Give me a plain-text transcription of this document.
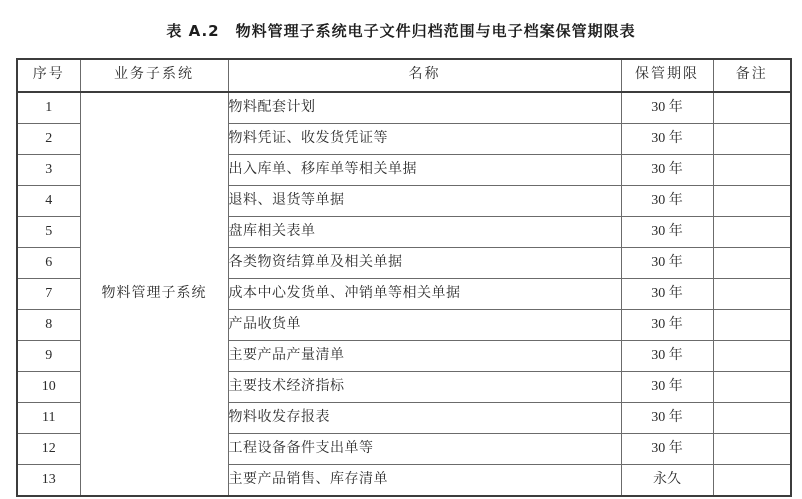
表 A.2　物料管理子系统电子文件归档范围与电子档案保管期限表
序号	业务子系统	名称	保管期限	备注
1	物料管理子系统	物料配套计划	30 年	
2		物料凭证、收发货凭证等	30 年	
3		出入库单、移库单等相关单据	30 年	
4		退料、退货等单据	30 年	
5		盘库相关表单	30 年	
6		各类物资结算单及相关单据	30 年	
7		成本中心发货单、冲销单等相关单据	30 年	
8		产品收货单	30 年	
9		主要产品产量清单	30 年	
10		主要技术经济指标	30 年	
11		物料收发存报表	30 年	
12		工程设备备件支出单等	30 年	
13		主要产品销售、库存清单	永久	
